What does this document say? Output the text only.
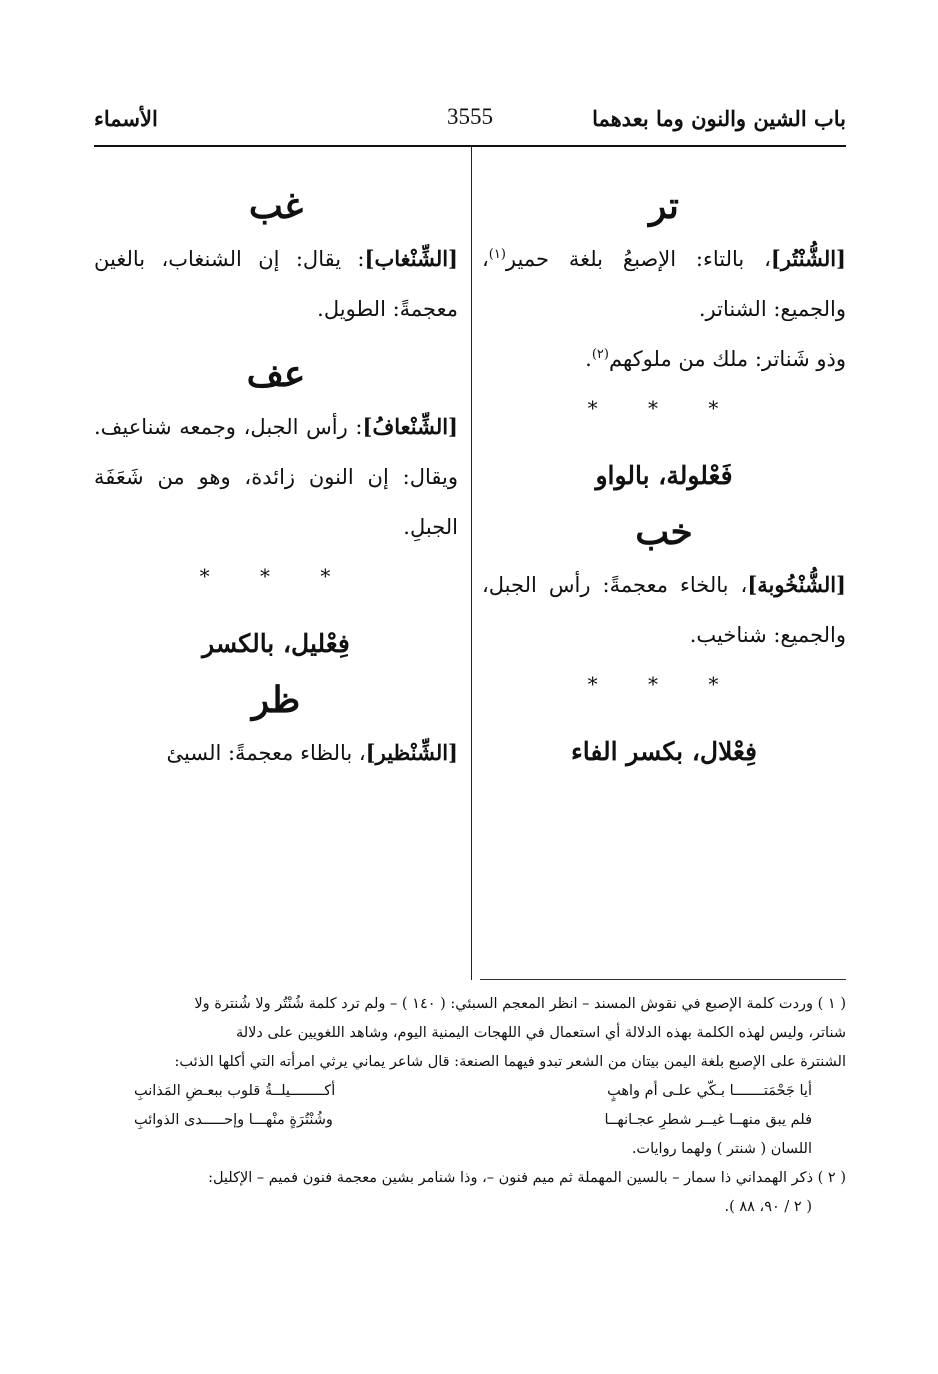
باب الشين والنون وما بعدهما
3555
الأسماء
تر
[الشُّنْتُر]، بالتاء: الإصبعُ بلغة حمير$^{(١)}$، والجميع: الشناتر.
وذو شَناتر: ملك من ملوكهم$^{(٢)}$.
* * *
فَعْلولة، بالواو
خب
[الشُّنْخُوبة]، بالخاء معجمةً: رأس الجبل، والجميع: شناخيب.
* * *
فِعْلال، بكسر الفاء
غب
[الشِّنْغاب]: يقال: إن الشنغاب، بالغين معجمةً: الطويل.
عف
[الشِّنْعافُ]: رأس الجبل، وجمعه شناعيف. ويقال: إن النون زائدة، وهو من شَعَفَة الجبلِ.
* * *
فِعْليل، بالكسر
ظر
[الشِّنْظير]، بالظاء معجمةً: السيئ
( ١ ) وردت كلمة الإصبع في نقوش المسند – انظر المعجم السبئي: ( ١٤٠ ) – ولم ترد كلمة شُنْتُر ولا شُنترة ولا
شناتر، وليس لهذه الكلمة بهذه الدلالة أي استعمال في اللهجات اليمنية اليوم، وشاهد اللغويين على دلالة
الشنترة على الإصبع بلغة اليمن بيتان من الشعر تبدو فيهما الصنعة: قال شاعر يماني يرثي امرأته التي أكلها الذئب:
أيا جَحْمَتـــــــا بـكّي علـى أم واهبٍ
أكــــــــيلــةُ قلوب ببعـضِ المَذانبِ
فلم يبق منهــا غيــر شطرِ عجـانهــا
وشُنْتُرَةٍ منْهـــا وإحـــــدى الذوائبِ
اللسان ( شنتر ) ولهما روايات.
( ٢ ) ذكر الهمداني ذا سمار – بالسين المهملة ثم ميم فنون –، وذا شنامر بشين معجمة فنون فميم – الإكليل:
( ٢ / ٩٠، ٨٨ ).
